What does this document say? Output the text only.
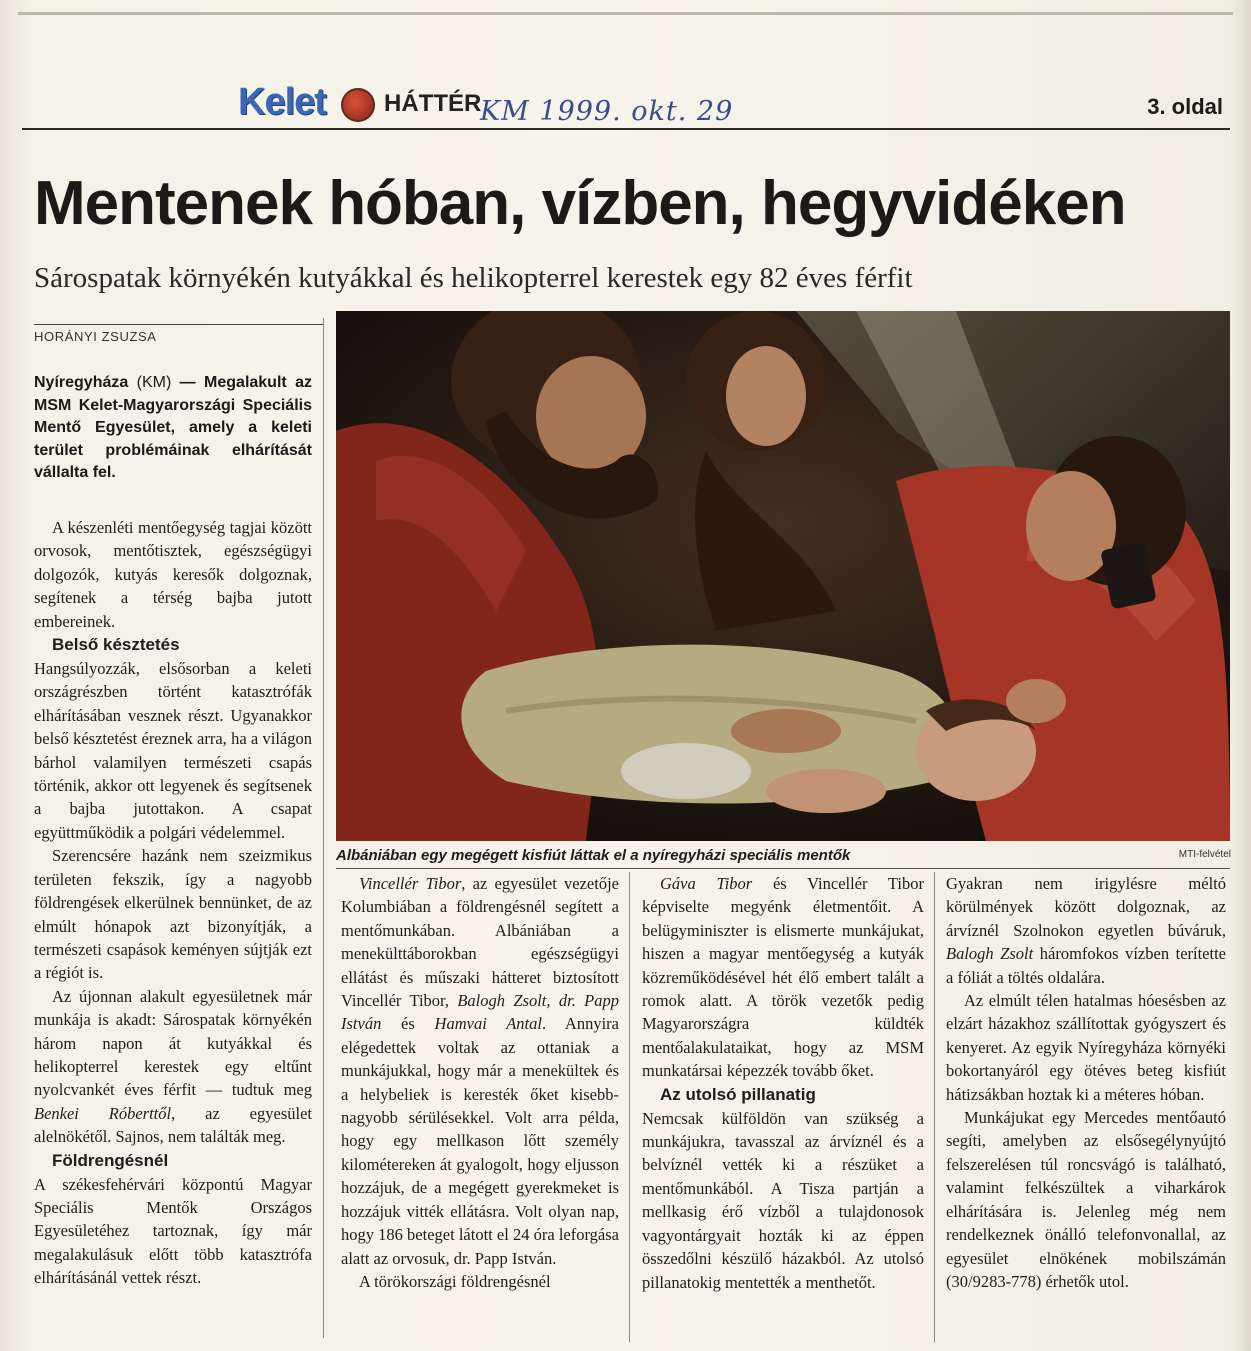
Kelet HÁTTÉR
KM 1999. okt. 29	3. oldal
Mentenek hóban, vízben, hegyvidéken
Sárospatak környékén kutyákkal és helikopterrel kerestek egy 82 éves férfit
HORÁNYI ZSUZSA
Nyíregyháza (KM) — Megalakult az MSM Kelet-Magyarországi Speciális Mentő Egyesület, amely a keleti terület problémáinak elhárítását vállalta fel.

A készenléti mentőegység tagjai között orvosok, mentőtisztek, egészségügyi dolgozók, kutyás keresők dolgoznak, segítenek a térség bajba jutott embereinek.

Belső késztetés

Hangsúlyozzák, elsősorban a keleti országrészben történt katasztrófák elhárításában vesznek részt. Ugyanakkor belső késztetést éreznek arra, ha a világon bárhol valamilyen természeti csapás történik, akkor ott legyenek és segítsenek a bajba jutottakon. A csapat együttműködik a polgári védelemmel.

Szerencsére hazánk nem szeizmikus területen fekszik, így a nagyobb földrengések elkerülnek bennünket, de az elmúlt hónapok azt bizonyítják, a természeti csapások keményen sújtják ezt a régiót is.

Az újonnan alakult egyesületnek már munkája is akadt: Sárospatak környékén három napon át kutyákkal és helikopterrel kerestek egy eltűnt nyolcvankét éves férfit — tudtuk meg Benkei Róberttől, az egyesület alelnökétől. Sajnos, nem találták meg.

Földrengésnél

A székesfehérvári központú Magyar Speciális Mentők Országos Egyesületéhez tartoznak, így már megalakulásuk előtt több katasztrófa elhárításánál vettek részt.

Albániában egy megégett kisfiút láttak el a nyíregyházi speciális mentők	MTI-felvétel

Vincellér Tibor, az egyesület vezetője Kolumbiában a földrengésnél segített a mentőmunkában. Albániában a menekülttáborokban egészségügyi ellátást és műszaki hátteret biztosított Vincellér Tibor, Balogh Zsolt, dr. Papp István és Hamvai Antal. Annyira elégedettek voltak az ottaniak a munkájukkal, hogy már a menekültek és a helybeliek is keresték őket kisebb-nagyobb sérülésekkel. Volt arra példa, hogy egy mellkason lőtt személy kilométereken át gyalogolt, hogy eljusson hozzájuk, de a megégett gyerekmeket is hozzájuk vitték ellátásra. Volt olyan nap, hogy 186 beteget látott el 24 óra leforgása alatt az orvosuk, dr. Papp István.

A törökországi földrengésnél

Gáva Tibor és Vincellér Tibor képviselte megyénk életmentőit. A belügyminiszter is elismerte munkájukat, hiszen a magyar mentőegység a kutyák közreműködésével hét élő embert talált a romok alatt. A török vezetők pedig Magyarországra küldték mentőalakulataikat, hogy az MSM munkatársai képezzék tovább őket.

Az utolsó pillanatig

Nemcsak külföldön van szükség a munkájukra, tavasszal az árvíznél és a belvíznél vették ki a részüket a mentőmunkából. A Tisza partján a mellkasig érő vízből a tulajdonosok vagyontárgyait hozták ki az éppen összedőlni készülő házakból. Az utolsó pillanatokig mentették a menthetőt.

Gyakran nem irigylésre méltó körülmények között dolgoznak, az árvíznél Szolnokon egyetlen búváruk, Balogh Zsolt háromfokos vízben terítette a fóliát a töltés oldalára.

Az elmúlt télen hatalmas hóesésben az elzárt házakhoz szállítottak gyógyszert és kenyeret. Az egyik Nyíregyháza környéki bokortanyáról egy ötéves beteg kisfiút hátizsákban hoztak ki a méteres hóban.

Munkájukat egy Mercedes mentőautó segíti, amelyben az elsősegélynyújtó felszerelésen túl roncsvágó is található, valamint felkészültek a viharkárok elhárítására is. Jelenleg még nem rendelkeznek önálló telefonvonallal, az egyesület elnökének mobilszámán (30/9283-778) érhetők utol.
